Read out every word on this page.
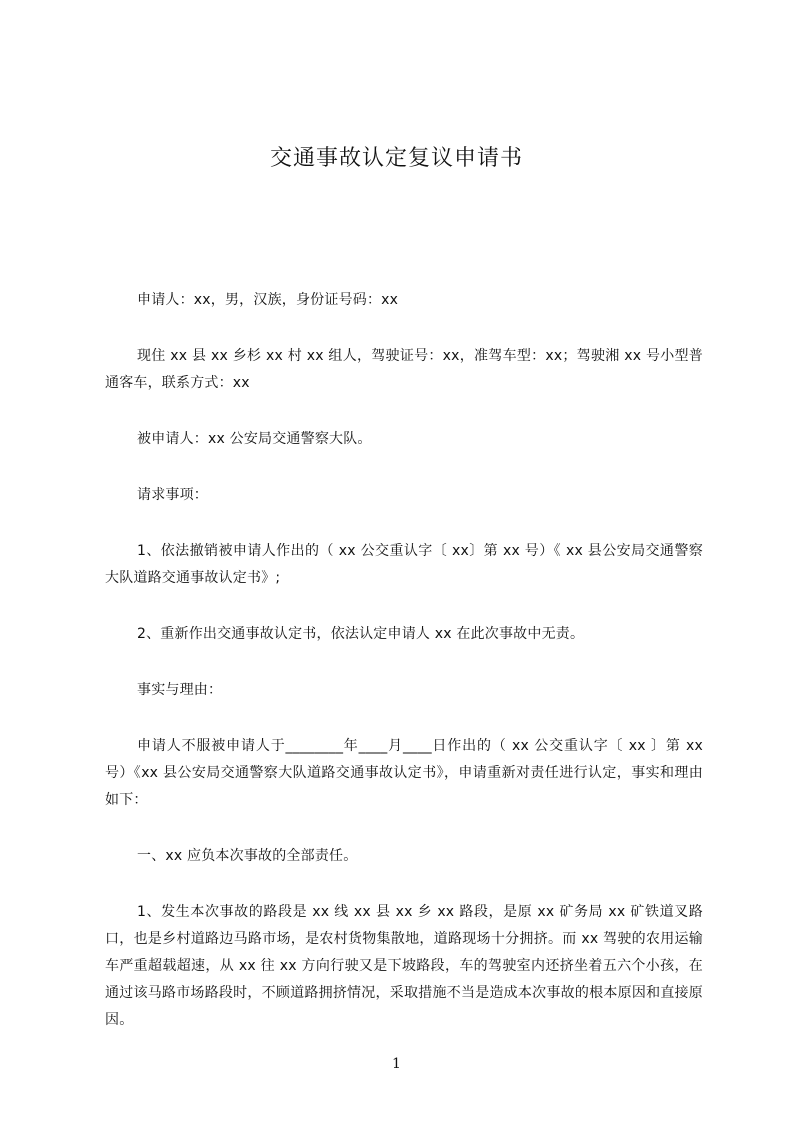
交通事故认定复议申请书

申请人：xx，男，汉族，身份证号码：xx

现住 xx 县 xx 乡杉 xx 村 xx 组人，驾驶证号：xx，准驾车型：xx；驾驶湘 xx 号小型普通客车，联系方式：xx

被申请人：xx 公安局交通警察大队。

请求事项：

1、依法撤销被申请人作出的（ xx 公交重认字〔 xx〕第 xx 号）《 xx 县公安局交通警察大队道路交通事故认定书》;

2、重新作出交通事故认定书，依法认定申请人 xx 在此次事故中无责。

事实与理由：

申请人不服被申请人于________年____月____日作出的（ xx 公交重认字〔 xx 〕第 xx 号）《xx 县公安局交通警察大队道路交通事故认定书》，申请重新对责任进行认定，事实和理由如下：

一、xx 应负本次事故的全部责任。

1、发生本次事故的路段是 xx 线 xx 县 xx 乡 xx 路段，是原 xx 矿务局 xx 矿铁道叉路口，也是乡村道路边马路市场，是农村货物集散地，道路现场十分拥挤。而 xx 驾驶的农用运输车严重超载超速，从 xx 往 xx 方向行驶又是下坡路段，车的驾驶室内还挤坐着五六个小孩，在通过该马路市场路段时，不顾道路拥挤情况，采取措施不当是造成本次事故的根本原因和直接原因。

1
